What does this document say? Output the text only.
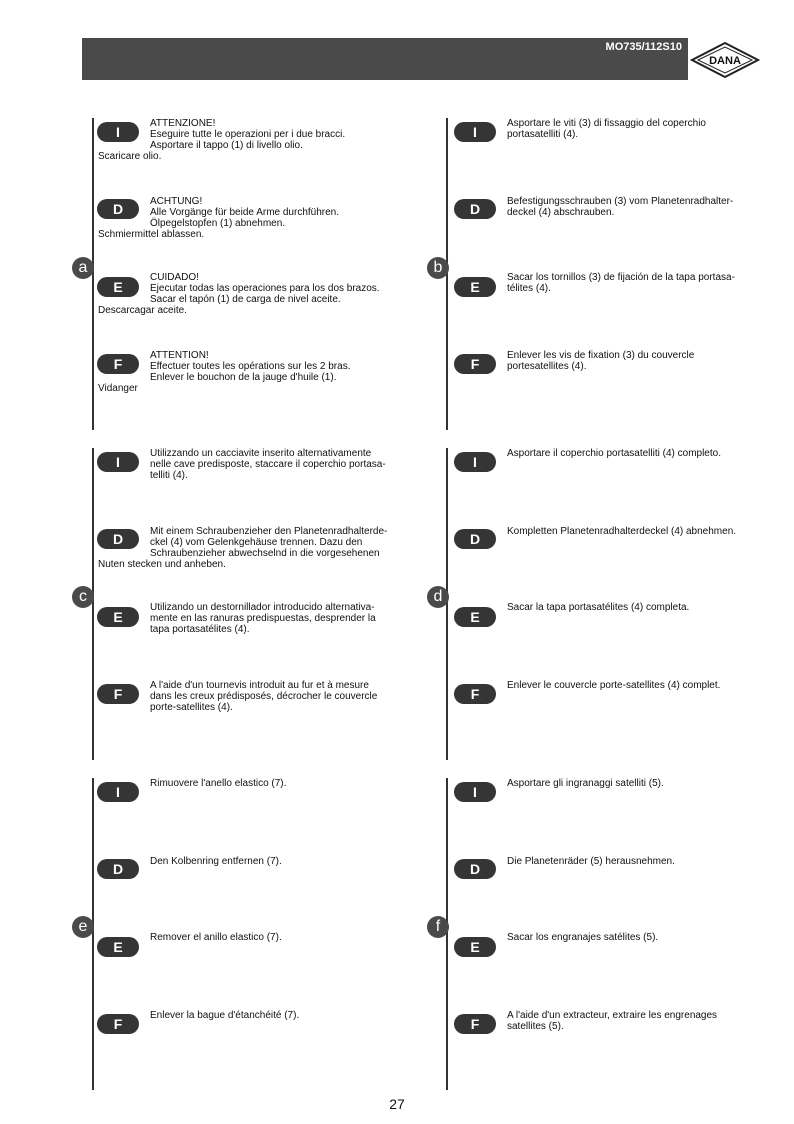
MO735/112S10
DANA
a
I
Scaricare olio.
ATTENZIONE!
Eseguire tutte le operazioni per i due bracci.
Asportare il tappo (1) di livello olio.
D
Schmiermittel ablassen.
ACHTUNG!
Alle Vorgänge für beide Arme durchführen.
Ölpegelstopfen (1) abnehmen.
E
Descarcagar aceite.
CUIDADO!
Ejecutar todas las operaciones para los dos brazos.
Sacar el tapón (1) de carga de nivel aceite.
F
Vidanger
ATTENTION!
Effectuer toutes les opérations sur les 2 bras.
Enlever le bouchon de la jauge d'huile (1).
b
I
Asportare le viti (3) di fissaggio del coperchio
portasatelliti (4).
D	Befestigungsschrauben (3) vom Planetenradhalter-
deckel (4) abschrauben.
E
Sacar los tornillos (3) de fijación de la tapa portasa-
télites (4).
F
Enlever les vis de fixation (3) du couvercle
portesatellites (4).
c
I
Utilizzando un cacciavite inserito alternativamente
nelle cave predisposte, staccare il coperchio portasa-
telliti (4).
D
Nuten stecken und anheben.
Mit einem Schraubenzieher den Planetenradhalterde-
ckel (4) vom Gelenkgehäuse trennen. Dazu den
Schraubenzieher abwechselnd in die vorgesehenen
E
Utilizando un destornillador introducido alternativa-
mente en las ranuras predispuestas, desprender la
tapa portasatélites (4).
F
A l'aide d'un tournevis introduit au fur et à mesure
dans les creux prédisposés, décrocher le couvercle
porte-satellites (4).
d
I
Asportare il coperchio portasatelliti (4) completo.
D	Kompletten Planetenradhalterdeckel (4) abnehmen.
E
Sacar la tapa portasatélites (4) completa.
F
Enlever le couvercle porte-satellites (4) complet.
e
I
Rimuovere l'anello elastico (7).
D	Den Kolbenring entfernen (7).
E
Remover el anillo elastico (7).
F
Enlever la bague d'étanchéité (7).
f
I
Asportare gli ingranaggi satelliti (5).
D	Die Planetenräder (5) herausnehmen.
E
Sacar los engranajes satélites (5).
F
A l'aide d'un extracteur, extraire les engrenages
satellites (5).
27
